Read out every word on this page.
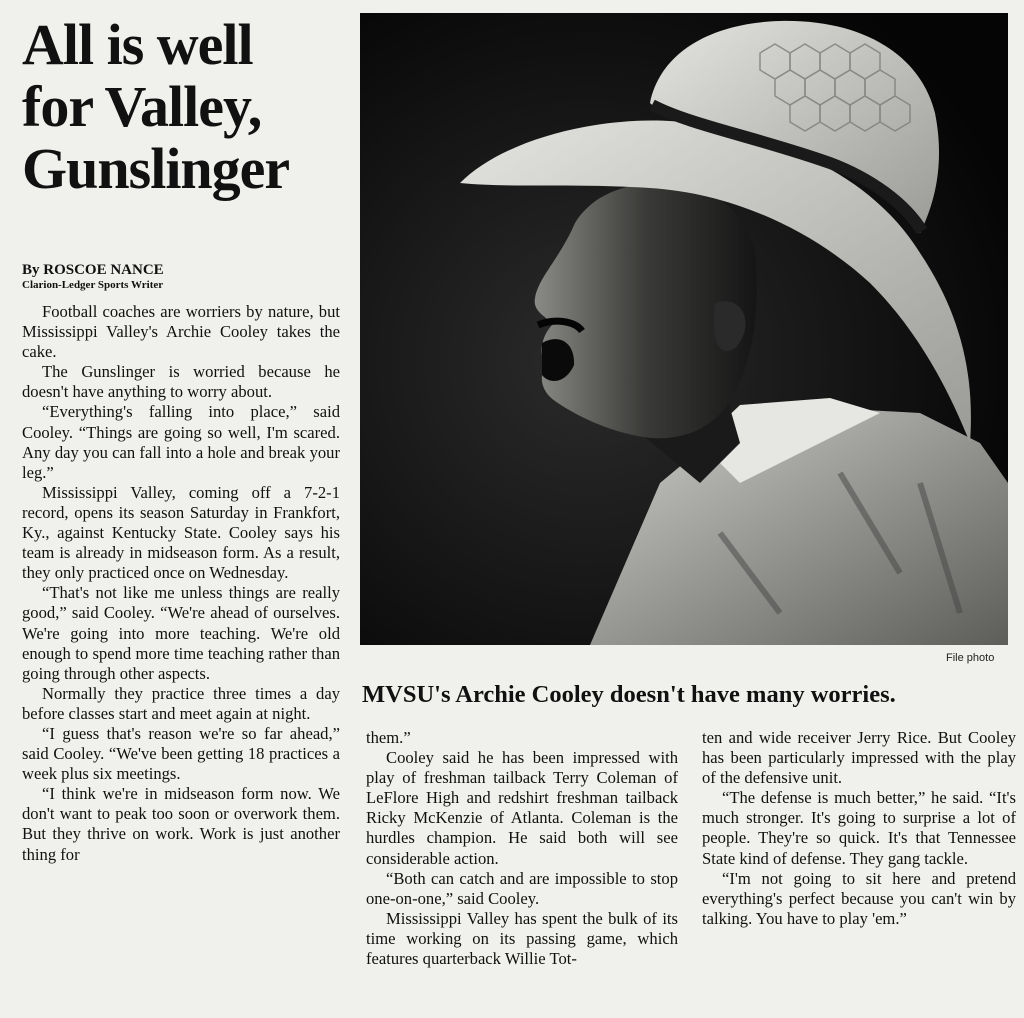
All is well
for Valley,
Gunslinger
By ROSCOE NANCE
Clarion-Ledger Sports Writer

Football coaches are worriers by nature, but Mississippi Valley's Archie Cooley takes the cake.

The Gunslinger is worried because he doesn't have anything to worry about.

“Everything's falling into place,” said Cooley. “Things are going so well, I'm scared. Any day you can fall into a hole and break your leg.”

Mississippi Valley, coming off a 7-2-1 record, opens its season Saturday in Frankfort, Ky., against Kentucky State. Cooley says his team is already in midseason form. As a result, they only practiced once on Wednesday.

“That's not like me unless things are really good,” said Cooley. “We're ahead of ourselves. We're going into more teaching. We're old enough to spend more time teaching rather than going through other aspects.

Normally they practice three times a day before classes start and meet again at night.

“I guess that's reason we're so far ahead,” said Cooley. “We've been getting 18 practices a week plus six meetings.

“I think we're in midseason form now. We don't want to peak too soon or overwork them. But they thrive on work. Work is just another thing for

File photo
MVSU's Archie Cooley doesn't have many worries.

them.”

Cooley said he has been impressed with play of freshman tailback Terry Coleman of LeFlore High and redshirt freshman tailback Ricky McKenzie of Atlanta. Coleman is the hurdles champion. He said both will see considerable action.

“Both can catch and are impossible to stop one-on-one,” said Cooley.

Mississippi Valley has spent the bulk of its time working on its passing game, which features quarterback Willie Tot-

ten and wide receiver Jerry Rice. But Cooley has been particularly impressed with the play of the defensive unit.

“The defense is much better,” he said. “It's much stronger. It's going to surprise a lot of people. They're so quick. It's that Tennessee State kind of defense. They gang tackle.

“I'm not going to sit here and pretend everything's perfect because you can't win by talking. You have to play 'em.”
